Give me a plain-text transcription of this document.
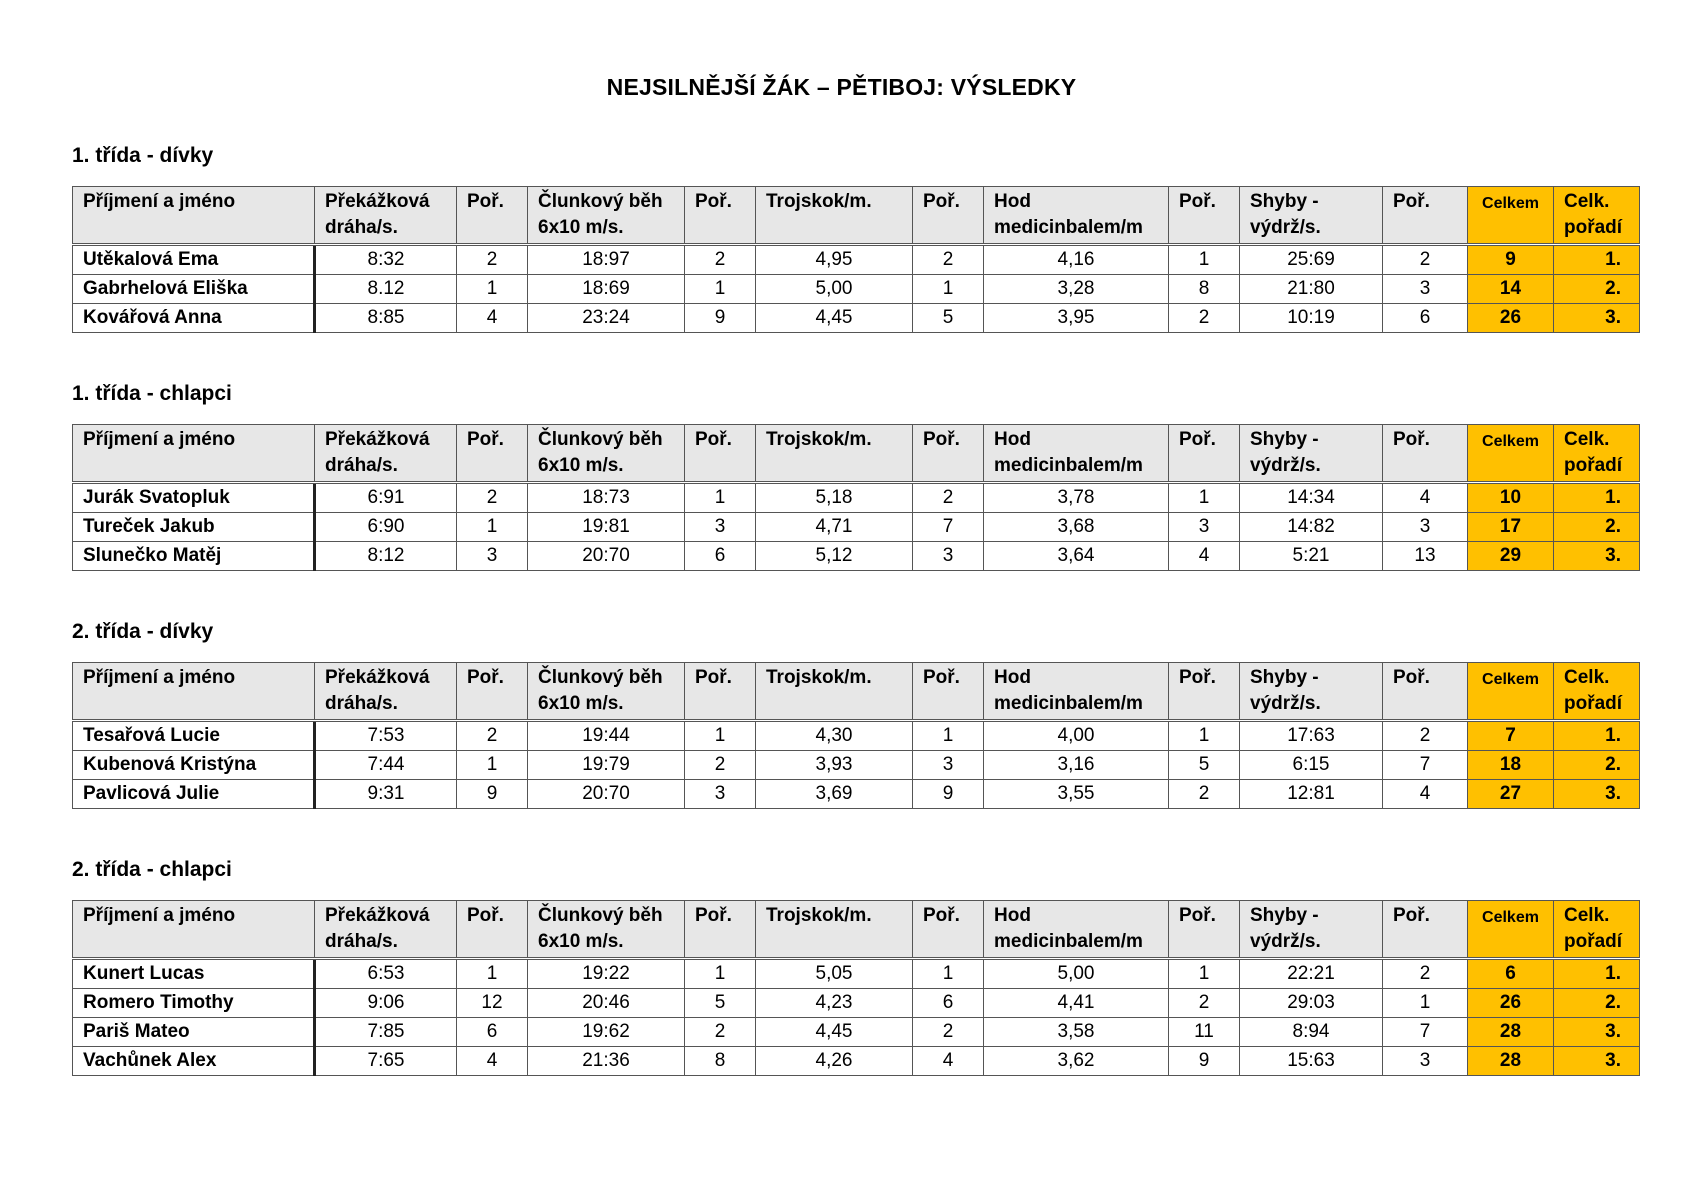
NEJSILNĚJŠÍ ŽÁK – PĚTIBOJ: VÝSLEDKY
1. třída - dívky
Příjmení a jméno	Překážková dráha/s.	Poř.	Člunkový běh 6x10 m/s.	Poř.	Trojskok/m.	Poř.	Hod medicinbalem/m	Poř.	Shyby -výdrž/s.	Poř.	Celkem	Celk. pořadí
Utěkalová Ema	8:32	2	18:97	2	4,95	2	4,16	1	25:69	2	9	1.
Gabrhelová Eliška	8.12	1	18:69	1	5,00	1	3,28	8	21:80	3	14	2.
Kovářová Anna	8:85	4	23:24	9	4,45	5	3,95	2	10:19	6	26	3.
1. třída - chlapci
Příjmení a jméno	Překážková dráha/s.	Poř.	Člunkový běh 6x10 m/s.	Poř.	Trojskok/m.	Poř.	Hod medicinbalem/m	Poř.	Shyby -výdrž/s.	Poř.	Celkem	Celk. pořadí
Jurák Svatopluk	6:91	2	18:73	1	5,18	2	3,78	1	14:34	4	10	1.
Tureček Jakub	6:90	1	19:81	3	4,71	7	3,68	3	14:82	3	17	2.
Slunečko Matěj	8:12	3	20:70	6	5,12	3	3,64	4	5:21	13	29	3.
2. třída - dívky
Příjmení a jméno	Překážková dráha/s.	Poř.	Člunkový běh 6x10 m/s.	Poř.	Trojskok/m.	Poř.	Hod medicinbalem/m	Poř.	Shyby -výdrž/s.	Poř.	Celkem	Celk. pořadí
Tesařová Lucie	7:53	2	19:44	1	4,30	1	4,00	1	17:63	2	7	1.
Kubenová Kristýna	7:44	1	19:79	2	3,93	3	3,16	5	6:15	7	18	2.
Pavlicová Julie	9:31	9	20:70	3	3,69	9	3,55	2	12:81	4	27	3.
2. třída - chlapci
Příjmení a jméno	Překážková dráha/s.	Poř.	Člunkový běh 6x10 m/s.	Poř.	Trojskok/m.	Poř.	Hod medicinbalem/m	Poř.	Shyby -výdrž/s.	Poř.	Celkem	Celk. pořadí
Kunert Lucas	6:53	1	19:22	1	5,05	1	5,00	1	22:21	2	6	1.
Romero Timothy	9:06	12	20:46	5	4,23	6	4,41	2	29:03	1	26	2.
Pariš Mateo	7:85	6	19:62	2	4,45	2	3,58	11	8:94	7	28	3.
Vachůnek Alex	7:65	4	21:36	8	4,26	4	3,62	9	15:63	3	28	3.
